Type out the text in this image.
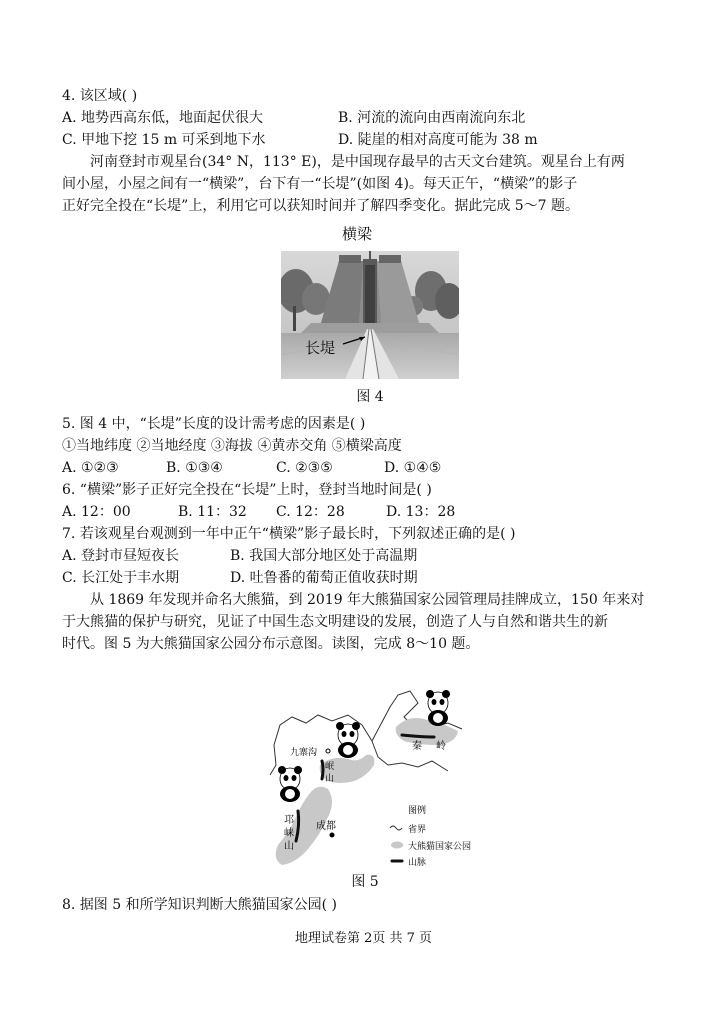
4. 该区域( )
A. 地势西高东低，地面起伏很大	B. 河流的流向由西南流向东北
C. 甲地下挖 15 m 可采到地下水	D. 陡崖的相对高度可能为 38 m
河南登封市观星台(34° N，113° E)，是中国现存最早的古天文台建筑。观星台上有两
间小屋，小屋之间有一“横梁”，台下有一“长堤”(如图 4)。每天正午，“横梁”的影子
正好完全投在“长堤”上，利用它可以获知时间并了解四季变化。据此完成 5～7 题。
横梁
长堤
图 4
5. 图 4 中，“长堤”长度的设计需考虑的因素是( )
①当地纬度 ②当地经度 ③海拔 ④黄赤交角 ⑤横梁高度
A. ①②③	B. ①③④	C. ②③⑤	D. ①④⑤
6. “横梁”影子正好完全投在“长堤”上时，登封当地时间是( )
A. 12：00	B. 11：32 C. 12：28	D. 13：28
7. 若该观星台观测到一年中正午“横梁”影子最长时，下列叙述正确的是( )
A. 登封市昼短夜长	B. 我国大部分地区处于高温期
C. 长江处于丰水期	D. 吐鲁番的葡萄正值收获时期
从 1869 年发现并命名大熊猫，到 2019 年大熊猫国家公园管理局挂牌成立，150 年来对
于大熊猫的保护与研究，见证了中国生态文明建设的发展，创造了人与自然和谐共生的新
时代。图 5 为大熊猫国家公园分布示意图。读图，完成 8～10 题。
九寨沟
秦岭
成都
岷 山
邛 崃 山
图例
省界
大熊猫国家公园
山脉
图 5
8. 据图 5 和所学知识判断大熊猫国家公园( )
地理试卷第 2页 共 7 页
